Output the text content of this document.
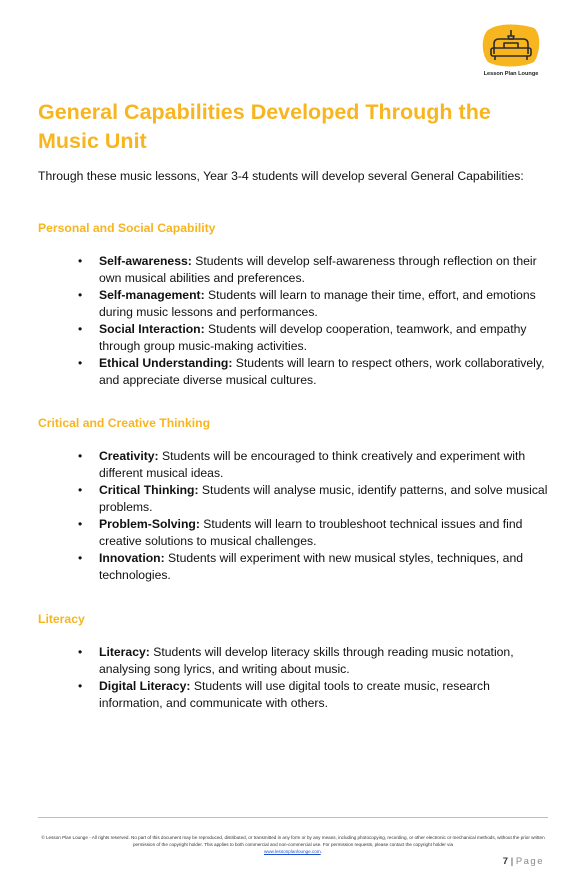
Lesson Plan Lounge
General Capabilities Developed Through the Music Unit

Through these music lessons, Year 3-4 students will develop several General Capabilities:

Personal and Social Capability
• Self-awareness: Students will develop self-awareness through reflection on their own musical abilities and preferences.
• Self-management: Students will learn to manage their time, effort, and emotions during music lessons and performances.
• Social Interaction: Students will develop cooperation, teamwork, and empathy through group music-making activities.
• Ethical Understanding: Students will learn to respect others, work collaboratively, and appreciate diverse musical cultures.
Critical and Creative Thinking
• Creativity: Students will be encouraged to think creatively and experiment with different musical ideas.
• Critical Thinking: Students will analyse music, identify patterns, and solve musical problems.
• Problem-Solving: Students will learn to troubleshoot technical issues and find creative solutions to musical challenges.
• Innovation: Students will experiment with new musical styles, techniques, and technologies.
Literacy
• Literacy: Students will develop literacy skills through reading music notation, analysing song lyrics, and writing about music.
• Digital Literacy: Students will use digital tools to create music, research information, and communicate with others.

© Lesson Plan Lounge - All rights reserved. No part of this document may be reproduced, distributed, or transmitted in any form or by any means, including photocopying, recording, or other electronic or mechanical methods, without the prior written permission of the copyright holder. This applies to both commercial and non-commercial use. For permission requests, please contact the copyright holder via
www.lessonplanlounge.com.

7 | Page
